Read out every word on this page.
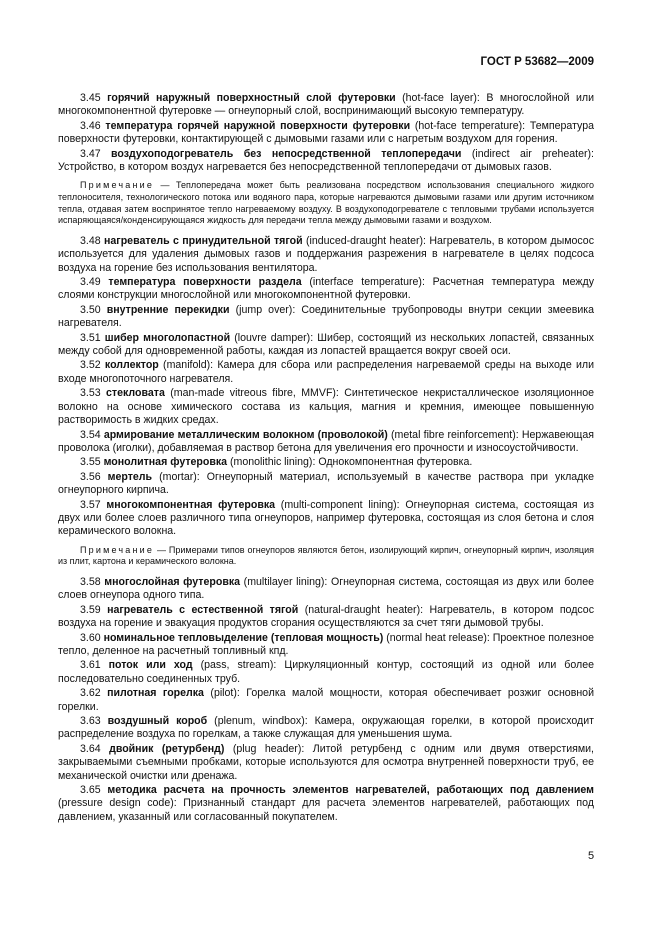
ГОСТ Р 53682—2009

3.45 горячий наружный поверхностный слой футеровки (hot-face layer): В многослойной или многокомпонентной футеровке — огнеупорный слой, воспринимающий высокую температуру.

3.46 температура горячей наружной поверхности футеровки (hot-face temperature): Температура поверхности футеровки, контактирующей с дымовыми газами или с нагретым воздухом для горения.

3.47 воздухоподогреватель без непосредственной теплопередачи (indirect air preheater): Устройство, в котором воздух нагревается без непосредственной теплопередачи от дымовых газов.

Примечание — Теплопередача может быть реализована посредством использования специального жидкого теплоносителя, технологического потока или водяного пара, которые нагреваются дымовыми газами или другим источником тепла, отдавая затем воспринятое тепло нагреваемому воздуху. В воздухоподогревателе с тепловыми трубами используется испаряющаяся/конденсирующаяся жидкость для передачи тепла между дымовыми газами и воздухом.

3.48 нагреватель с принудительной тягой (induced-draught heater): Нагреватель, в котором дымосос используется для удаления дымовых газов и поддержания разрежения в нагревателе в целях подсоса воздуха на горение без использования вентилятора.

3.49 температура поверхности раздела (interface temperature): Расчетная температура между слоями конструкции многослойной или многокомпонентной футеровки.

3.50 внутренние перекидки (jump over): Соединительные трубопроводы внутри секции змеевика нагревателя.

3.51 шибер многолопастной (louvre damper): Шибер, состоящий из нескольких лопастей, связанных между собой для одновременной работы, каждая из лопастей вращается вокруг своей оси.

3.52 коллектор (manifold): Камера для сбора или распределения нагреваемой среды на выходе или входе многопоточного нагревателя.

3.53 стекловата (man-made vitreous fibre, MMVF): Синтетическое некристаллическое изоляционное волокно на основе химического состава из кальция, магния и кремния, имеющее повышенную растворимость в жидких средах.

3.54 армирование металлическим волокном (проволокой) (metal fibre reinforcement): Нержавеющая проволока (иголки), добавляемая в раствор бетона для увеличения его прочности и износоустойчивости.

3.55 монолитная футеровка (monolithic lining): Однокомпонентная футеровка.

3.56 мертель (mortar): Огнеупорный материал, используемый в качестве раствора при укладке огнеупорного кирпича.

3.57 многокомпонентная футеровка (multi-component lining): Огнеупорная система, состоящая из двух или более слоев различного типа огнеупоров, например футеровка, состоящая из слоя бетона и слоя керамического волокна.

Примечание — Примерами типов огнеупоров являются бетон, изолирующий кирпич, огнеупорный кирпич, изоляция из плит, картона и керамического волокна.

3.58 многослойная футеровка (multilayer lining): Огнеупорная система, состоящая из двух или более слоев огнеупора одного типа.

3.59 нагреватель с естественной тягой (natural-draught heater): Нагреватель, в котором подсос воздуха на горение и эвакуация продуктов сгорания осуществляются за счет тяги дымовой трубы.

3.60 номинальное тепловыделение (тепловая мощность) (normal heat release): Проектное полезное тепло, деленное на расчетный топливный кпд.

3.61 поток или ход (pass, stream): Циркуляционный контур, состоящий из одной или более последовательно соединенных труб.

3.62 пилотная горелка (pilot): Горелка малой мощности, которая обеспечивает розжиг основной горелки.

3.63 воздушный короб (plenum, windbox): Камера, окружающая горелки, в которой происходит распределение воздуха по горелкам, а также служащая для уменьшения шума.

3.64 двойник (ретурбенд) (plug header): Литой ретурбенд с одним или двумя отверстиями, закрываемыми съемными пробками, которые используются для осмотра внутренней поверхности труб, ее механической очистки или дренажа.

3.65 методика расчета на прочность элементов нагревателей, работающих под давлением (pressure design code): Признанный стандарт для расчета элементов нагревателей, работающих под давлением, указанный или согласованный покупателем.

5
